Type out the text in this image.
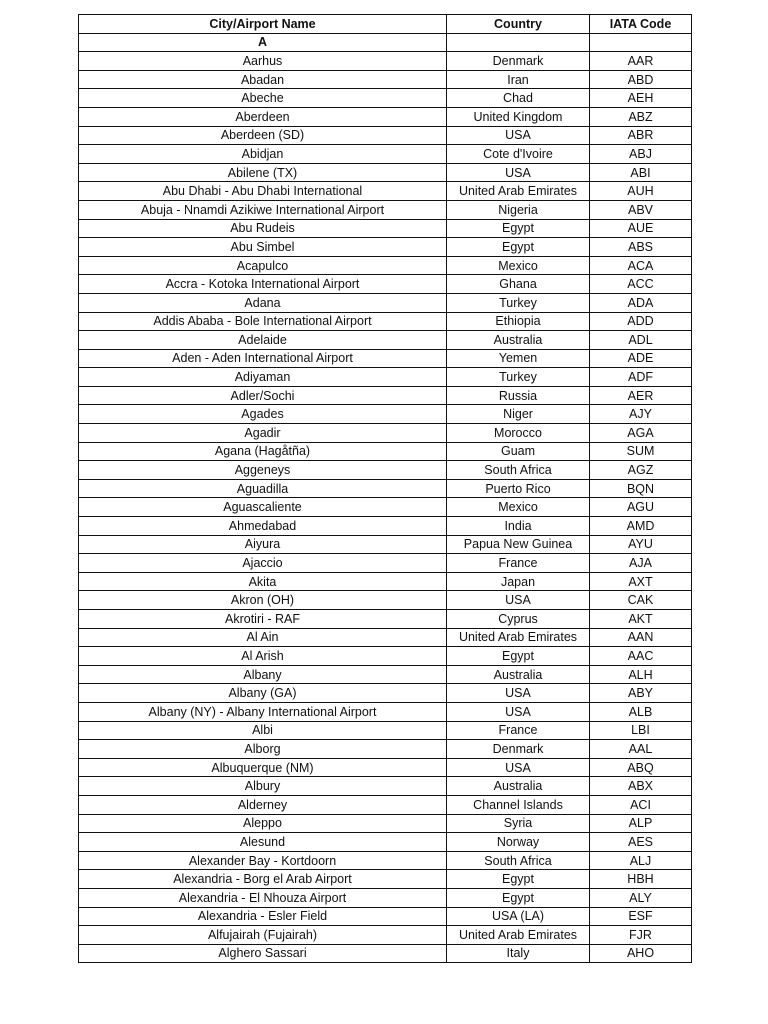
City/Airport Name	Country	IATA Code
A		
Aarhus	Denmark	AAR
Abadan	Iran	ABD
Abeche	Chad	AEH
Aberdeen	United Kingdom	ABZ
Aberdeen (SD)	USA	ABR
Abidjan	Cote d'Ivoire	ABJ
Abilene (TX)	USA	ABI
Abu Dhabi - Abu Dhabi International	United Arab Emirates	AUH
Abuja - Nnamdi Azikiwe International Airport	Nigeria	ABV
Abu Rudeis	Egypt	AUE
Abu Simbel	Egypt	ABS
Acapulco	Mexico	ACA
Accra - Kotoka International Airport	Ghana	ACC
Adana	Turkey	ADA
Addis Ababa - Bole International Airport	Ethiopia	ADD
Adelaide	Australia	ADL
Aden - Aden International Airport	Yemen	ADE
Adiyaman	Turkey	ADF
Adler/Sochi	Russia	AER
Agades	Niger	AJY
Agadir	Morocco	AGA
Agana (Hagåtña)	Guam	SUM
Aggeneys	South Africa	AGZ
Aguadilla	Puerto Rico	BQN
Aguascaliente	Mexico	AGU
Ahmedabad	India	AMD
Aiyura	Papua New Guinea	AYU
Ajaccio	France	AJA
Akita	Japan	AXT
Akron (OH)	USA	CAK
Akrotiri - RAF	Cyprus	AKT
Al Ain	United Arab Emirates	AAN
Al Arish	Egypt	AAC
Albany	Australia	ALH
Albany (GA)	USA	ABY
Albany (NY) - Albany International Airport	USA	ALB
Albi	France	LBI
Alborg	Denmark	AAL
Albuquerque (NM)	USA	ABQ
Albury	Australia	ABX
Alderney	Channel Islands	ACI
Aleppo	Syria	ALP
Alesund	Norway	AES
Alexander Bay - Kortdoorn	South Africa	ALJ
Alexandria - Borg el Arab Airport	Egypt	HBH
Alexandria - El Nhouza Airport	Egypt	ALY
Alexandria - Esler Field	USA (LA)	ESF
Alfujairah (Fujairah)	United Arab Emirates	FJR
Alghero Sassari	Italy	AHO
